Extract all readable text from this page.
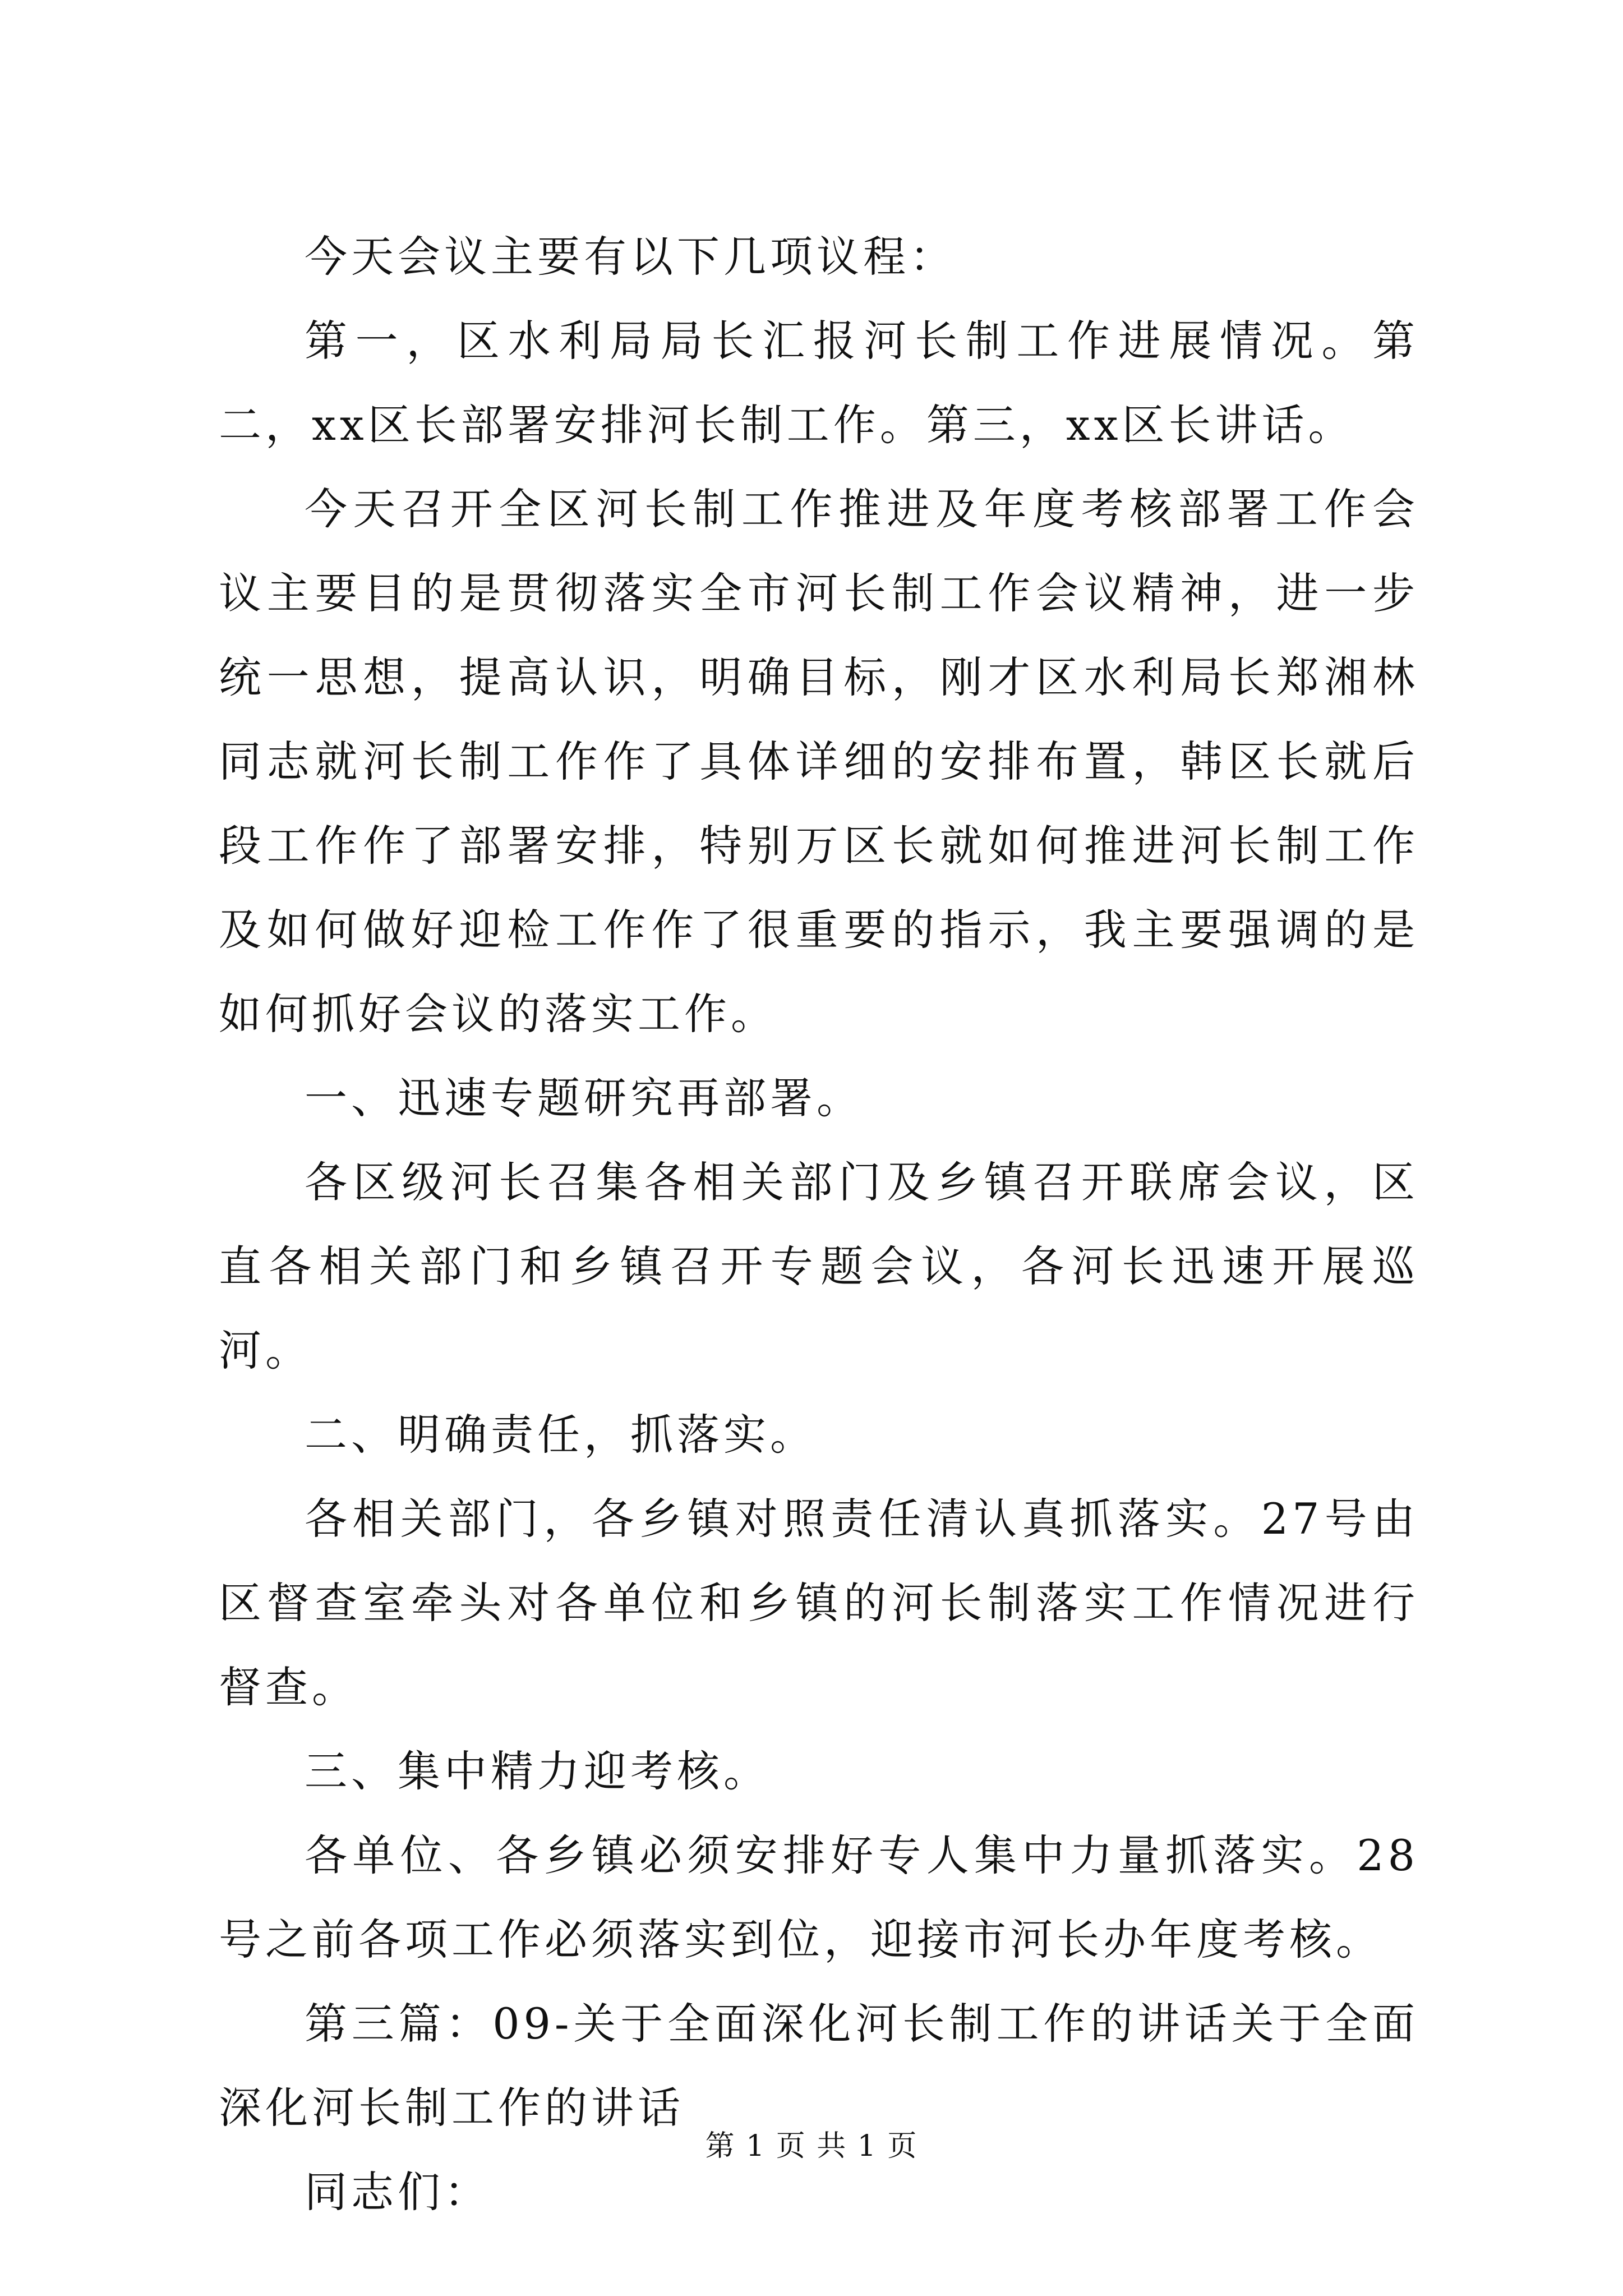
今天会议主要有以下几项议程：

第一，区水利局局长汇报河长制工作进展情况。第二，xx区长部署安排河长制工作。第三，xx区长讲话。

今天召开全区河长制工作推进及年度考核部署工作会议主要目的是贯彻落实全市河长制工作会议精神，进一步统一思想，提高认识，明确目标，刚才区水利局长郑湘林同志就河长制工作作了具体详细的安排布置，韩区长就后段工作作了部署安排，特别万区长就如何推进河长制工作及如何做好迎检工作作了很重要的指示，我主要强调的是如何抓好会议的落实工作。

一、迅速专题研究再部署。

各区级河长召集各相关部门及乡镇召开联席会议，区直各相关部门和乡镇召开专题会议，各河长迅速开展巡河。

二、明确责任，抓落实。

各相关部门，各乡镇对照责任清认真抓落实。27号由区督查室牵头对各单位和乡镇的河长制落实工作情况进行督查。

三、集中精力迎考核。

各单位、各乡镇必须安排好专人集中力量抓落实。28号之前各项工作必须落实到位，迎接市河长办年度考核。

第三篇：09-关于全面深化河长制工作的讲话关于全面深化河长制工作的讲话

同志们：

第 1 页 共 1 页
